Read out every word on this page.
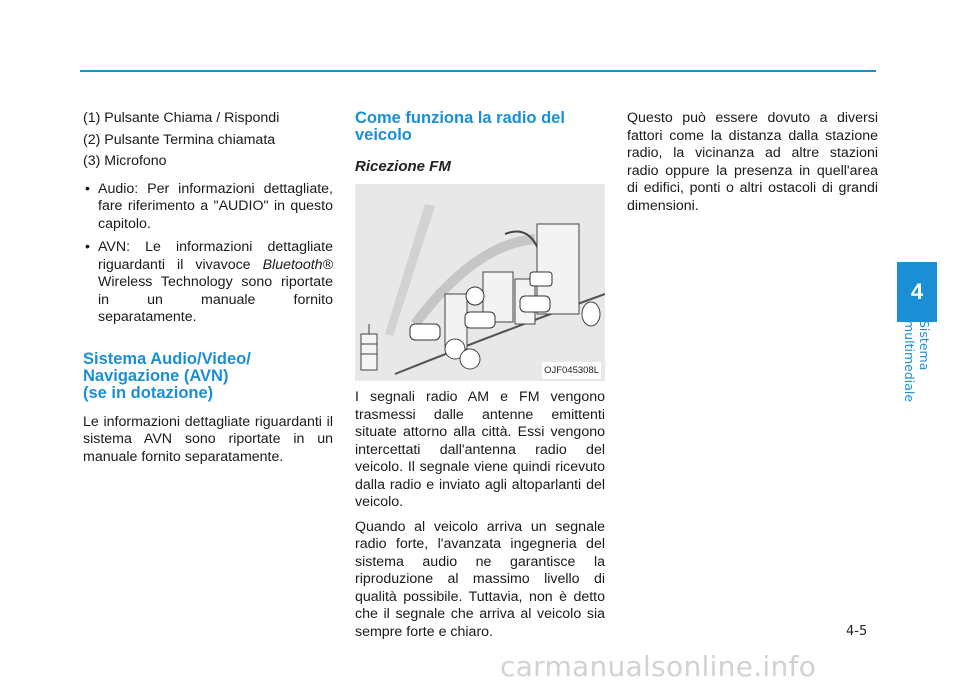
(1) Pulsante Chiama / Rispondi

(2) Pulsante Termina chiamata

(3) Microfono

• Audio: Per informazioni dettagliate, fare riferimento a "AUDIO" in questo capitolo.
• AVN: Le informazioni dettagliate riguardanti il vivavoce Bluetooth® Wireless Technology sono riportate in un manuale fornito separatamente.
Sistema Audio/Video/
Navigazione (AVN)
(se in dotazione)

Le informazioni dettagliate riguardanti il sistema AVN sono riportate in un manuale fornito separatamente.

Come funziona la radio del
veicolo
Ricezione FM
OJF045308L

I segnali radio AM e FM vengono trasmessi dalle antenne emittenti situate attorno alla città. Essi vengono intercettati dall'antenna radio del veicolo. Il segnale viene quindi ricevuto dalla radio e inviato agli altoparlanti del veicolo.

Quando al veicolo arriva un segnale radio forte, l'avanzata ingegneria del sistema audio ne garantisce la riproduzione al massimo livello di qualità possibile. Tuttavia, non è detto che il segnale che arriva al veicolo sia sempre forte e chiaro.

Questo può essere dovuto a diversi fattori come la distanza dalla stazione radio, la vicinanza ad altre stazioni radio oppure la presenza in quell'area di edifici, ponti o altri ostacoli di grandi dimensioni.

4
Sistema multimediale
4-5
carmanualsonline.info
